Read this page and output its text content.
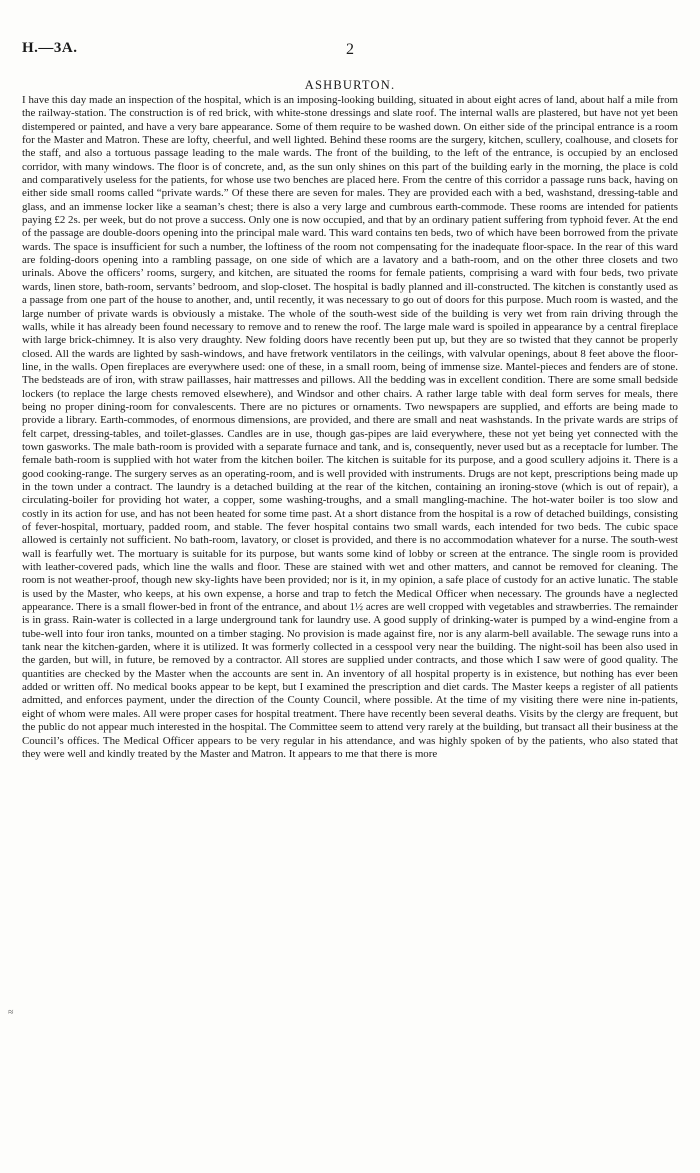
H.—3A.	2
ASHBURTON.
I have this day made an inspection of the hospital, which is an imposing-looking building, situated in about eight acres of land, about half a mile from the railway-station. The construction is of red brick, with white-stone dressings and slate roof. The internal walls are plastered, but have not yet been distempered or painted, and have a very bare appearance. Some of them require to be washed down. On either side of the principal entrance is a room for the Master and Matron. These are lofty, cheerful, and well lighted. Behind these rooms are the surgery, kitchen, scullery, coalhouse, and closets for the staff, and also a tortuous passage leading to the male wards. The front of the building, to the left of the entrance, is occupied by an enclosed corridor, with many windows. The floor is of concrete, and, as the sun only shines on this part of the building early in the morning, the place is cold and comparatively useless for the patients, for whose use two benches are placed here. From the centre of this corridor a passage runs back, having on either side small rooms called “private wards.” Of these there are seven for males. They are provided each with a bed, washstand, dressing-table and glass, and an immense locker like a seaman’s chest; there is also a very large and cumbrous earth-commode. These rooms are intended for patients paying £2 2s. per week, but do not prove a success. Only one is now occupied, and that by an ordinary patient suffering from typhoid fever. At the end of the passage are double-doors opening into the principal male ward. This ward contains ten beds, two of which have been borrowed from the private wards. The space is insufficient for such a number, the loftiness of the room not compensating for the inadequate floor-space. In the rear of this ward are folding-doors opening into a rambling passage, on one side of which are a lavatory and a bath-room, and on the other three closets and two urinals. Above the officers’ rooms, surgery, and kitchen, are situated the rooms for female patients, comprising a ward with four beds, two private wards, linen store, bath-room, servants’ bedroom, and slop-closet. The hospital is badly planned and ill-constructed. The kitchen is constantly used as a passage from one part of the house to another, and, until recently, it was necessary to go out of doors for this purpose. Much room is wasted, and the large number of private wards is obviously a mistake. The whole of the south-west side of the building is very wet from rain driving through the walls, while it has already been found necessary to remove and to renew the roof. The large male ward is spoiled in appearance by a central fireplace with large brick-chimney. It is also very draughty. New folding doors have recently been put up, but they are so twisted that they cannot be properly closed. All the wards are lighted by sash-windows, and have fretwork ventilators in the ceilings, with valvular openings, about 8 feet above the floor-line, in the walls. Open fireplaces are everywhere used: one of these, in a small room, being of immense size. Mantel-pieces and fenders are of stone. The bedsteads are of iron, with straw paillasses, hair mattresses and pillows. All the bedding was in excellent condition. There are some small bedside lockers (to replace the large chests removed elsewhere), and Windsor and other chairs. A rather large table with deal form serves for meals, there being no proper dining-room for convalescents. There are no pictures or ornaments. Two newspapers are supplied, and efforts are being made to provide a library. Earth-commodes, of enormous dimensions, are provided, and there are small and neat washstands. In the private wards are strips of felt carpet, dressing-tables, and toilet-glasses. Candles are in use, though gas-pipes are laid everywhere, these not yet being yet connected with the town gasworks. The male bath-room is provided with a separate furnace and tank, and is, consequently, never used but as a receptacle for lumber. The female bath-room is supplied with hot water from the kitchen boiler. The kitchen is suitable for its purpose, and a good scullery adjoins it. There is a good cooking-range. The surgery serves as an operating-room, and is well provided with instruments. Drugs are not kept, prescriptions being made up in the town under a contract. The laundry is a detached building at the rear of the kitchen, containing an ironing-stove (which is out of repair), a circulating-boiler for providing hot water, a copper, some washing-troughs, and a small mangling-machine. The hot-water boiler is too slow and costly in its action for use, and has not been heated for some time past. At a short distance from the hospital is a row of detached buildings, consisting of fever-hospital, mortuary, padded room, and stable. The fever hospital contains two small wards, each intended for two beds. The cubic space allowed is certainly not sufficient. No bath-room, lavatory, or closet is provided, and there is no accommodation whatever for a nurse. The south-west wall is fearfully wet. The mortuary is suitable for its purpose, but wants some kind of lobby or screen at the entrance. The single room is provided with leather-covered pads, which line the walls and floor. These are stained with wet and other matters, and cannot be removed for cleaning. The room is not weather-proof, though new sky-lights have been provided; nor is it, in my opinion, a safe place of custody for an active lunatic. The stable is used by the Master, who keeps, at his own expense, a horse and trap to fetch the Medical Officer when necessary. The grounds have a neglected appearance. There is a small flower-bed in front of the entrance, and about 1½ acres are well cropped with vegetables and strawberries. The remainder is in grass. Rain-water is collected in a large underground tank for laundry use. A good supply of drinking-water is pumped by a wind-engine from a tube-well into four iron tanks, mounted on a timber staging. No provision is made against fire, nor is any alarm-bell available. The sewage runs into a tank near the kitchen-garden, where it is utilized. It was formerly collected in a cesspool very near the building. The night-soil has been also used in the garden, but will, in future, be removed by a contractor. All stores are supplied under contracts, and those which I saw were of good quality. The quantities are checked by the Master when the accounts are sent in. An inventory of all hospital property is in existence, but nothing has ever been added or written off. No medical books appear to be kept, but I examined the prescription and diet cards. The Master keeps a register of all patients admitted, and enforces payment, under the direction of the County Council, where possible. At the time of my visiting there were nine in-patients, eight of whom were males. All were proper cases for hospital treatment. There have recently been several deaths. Visits by the clergy are frequent, but the public do not appear much interested in the hospital. The Committee seem to attend very rarely at the building, but transact all their business at the Council’s offices. The Medical Officer appears to be very regular in his attendance, and was highly spoken of by the patients, who also stated that they were well and kindly treated by the Master and Matron. It appears to me that there is more
≈
